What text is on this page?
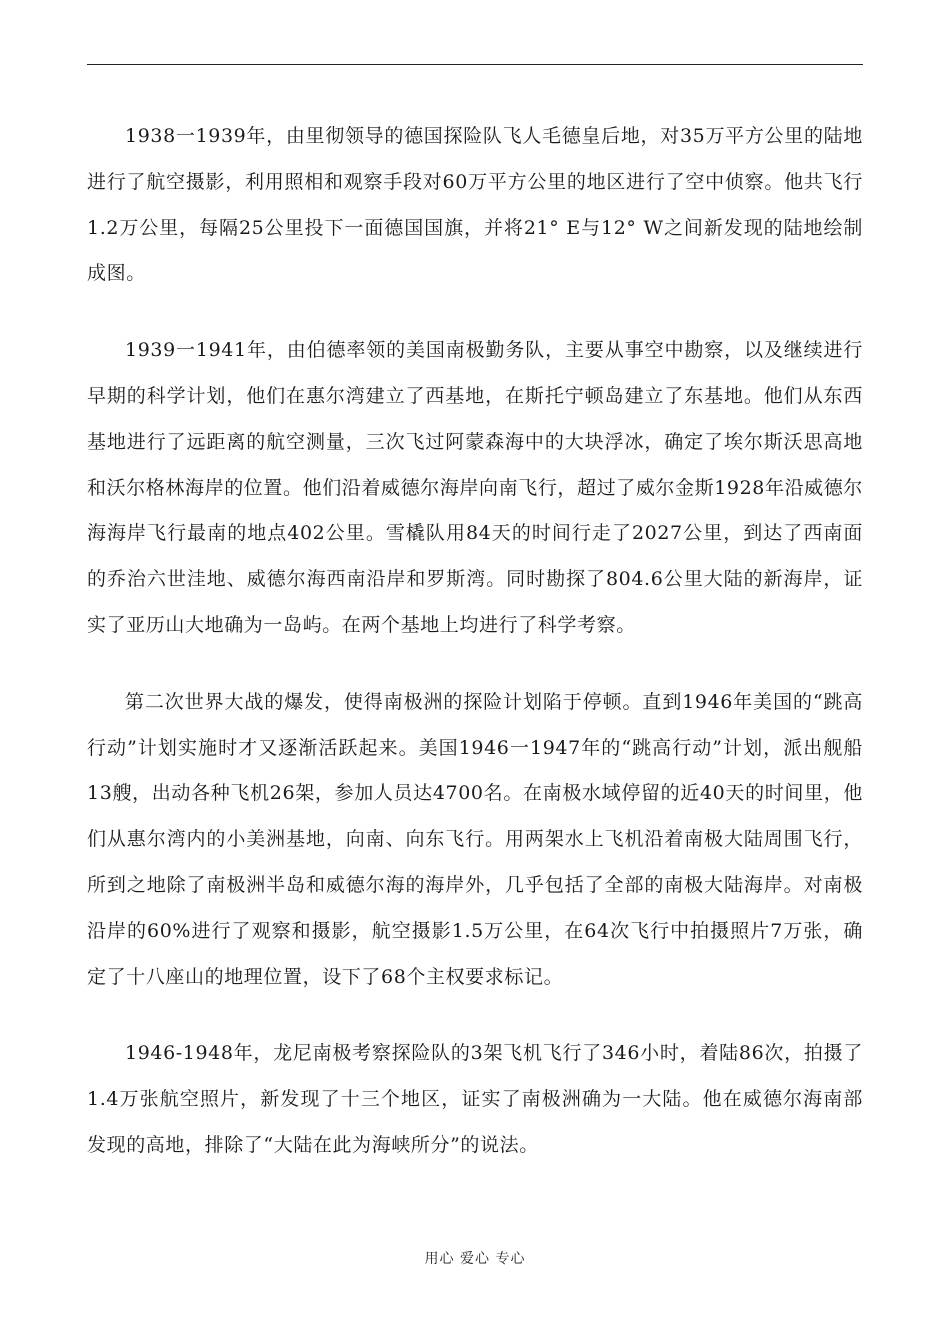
1938一1939年，由里彻领导的德国探险队飞人毛德皇后地，对35万平方公里的陆地进行了航空摄影，利用照相和观察手段对60万平方公里的地区进行了空中侦察。他共飞行1.2万公里，每隔25公里投下一面德国国旗，并将21° E与12° W之间新发现的陆地绘制成图。

1939一1941年，由伯德率领的美国南极勤务队，主要从事空中勘察，以及继续进行早期的科学计划，他们在惠尔湾建立了西基地，在斯托宁顿岛建立了东基地。他们从东西基地进行了远距离的航空测量，三次飞过阿蒙森海中的大块浮冰，确定了埃尔斯沃思高地和沃尔格林海岸的位置。他们沿着威德尔海岸向南飞行，超过了威尔金斯1928年沿威德尔海海岸飞行最南的地点402公里。雪橇队用84天的时间行走了2027公里，到达了西南面的乔治六世洼地、威德尔海西南沿岸和罗斯湾。同时勘探了804.6公里大陆的新海岸，证实了亚历山大地确为一岛屿。在两个基地上均进行了科学考察。

第二次世界大战的爆发，使得南极洲的探险计划陷于停顿。直到1946年美国的“跳高行动”计划实施时才又逐渐活跃起来。美国1946一1947年的“跳高行动”计划，派出舰船13艘，出动各种飞机26架，参加人员达4700名。在南极水域停留的近40天的时间里，他们从惠尔湾内的小美洲基地，向南、向东飞行。用两架水上飞机沿着南极大陆周围飞行，所到之地除了南极洲半岛和威德尔海的海岸外，几乎包括了全部的南极大陆海岸。对南极沿岸的60%进行了观察和摄影，航空摄影1.5万公里，在64次飞行中拍摄照片7万张，确定了十八座山的地理位置，设下了68个主权要求标记。

1946-1948年，龙尼南极考察探险队的3架飞机飞行了346小时，着陆86次，拍摄了1.4万张航空照片，新发现了十三个地区，证实了南极洲确为一大陆。他在威德尔海南部发现的高地，排除了“大陆在此为海峡所分”的说法。

用心 爱心 专心
